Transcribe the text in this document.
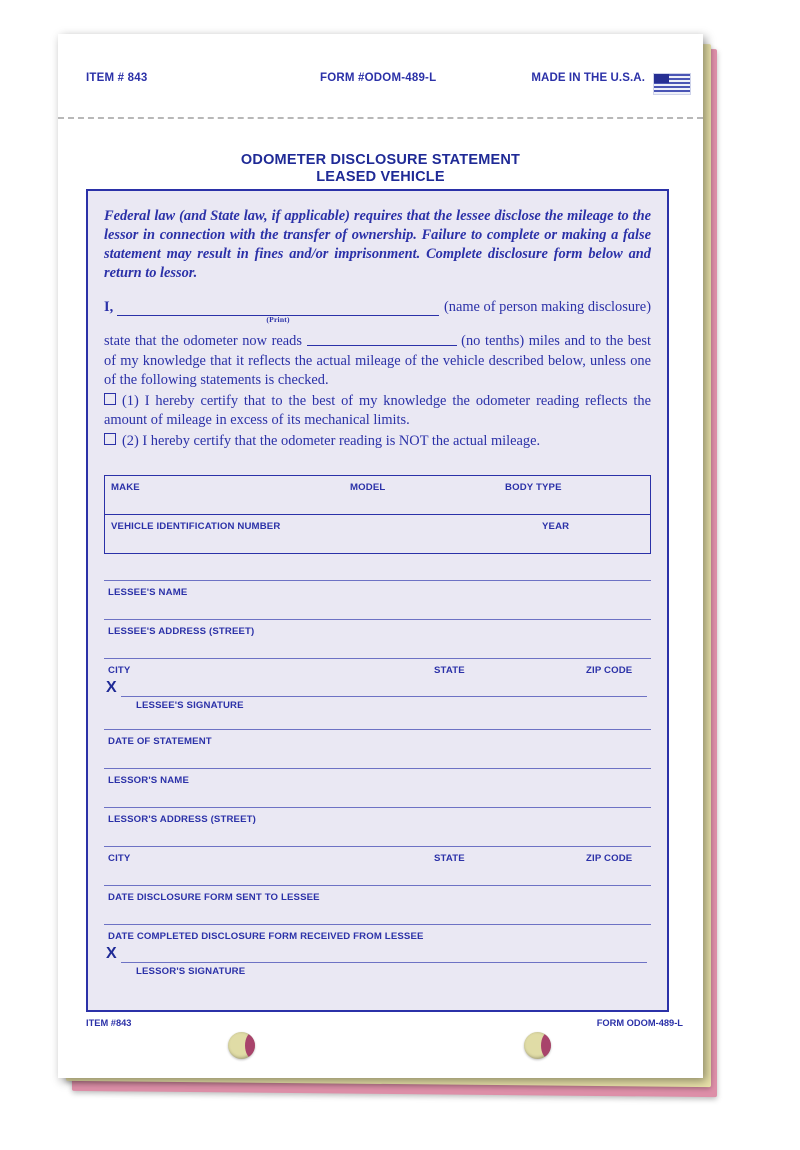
ITEM # 843	FORM #ODOM-489-L	MADE IN THE U.S.A.
ODOMETER DISCLOSURE STATEMENT
LEASED VEHICLE
Federal law (and State law, if applicable) requires that the lessee disclose the mileage to the lessor in connection with the transfer of ownership. Failure to complete or making a false statement may result in fines and/or imprisonment. Complete disclosure form below and return to lessor.
I,
(Print)
(name of person making disclosure)
state that the odometer now reads	(no tenths) miles and to the best of my knowledge that it reflects the actual mileage of the vehicle described below, unless one of the following statements is checked.
(1) I hereby certify that to the best of my knowledge the odometer reading reflects the amount of mileage in excess of its mechanical limits.
(2) I hereby certify that the odometer reading is NOT the actual mileage.
MAKE	MODEL	BODY TYPE
VEHICLE IDENTIFICATION NUMBER	YEAR
LESSEE'S NAME
LESSEE'S ADDRESS (STREET)
CITY	STATE	ZIP CODE
X
LESSEE'S SIGNATURE
DATE OF STATEMENT
LESSOR'S NAME
LESSOR'S ADDRESS (STREET)
CITY	STATE	ZIP CODE
DATE DISCLOSURE FORM SENT TO LESSEE
DATE COMPLETED DISCLOSURE FORM RECEIVED FROM LESSEE
X
LESSOR'S SIGNATURE
ITEM #843	FORM ODOM-489-L
